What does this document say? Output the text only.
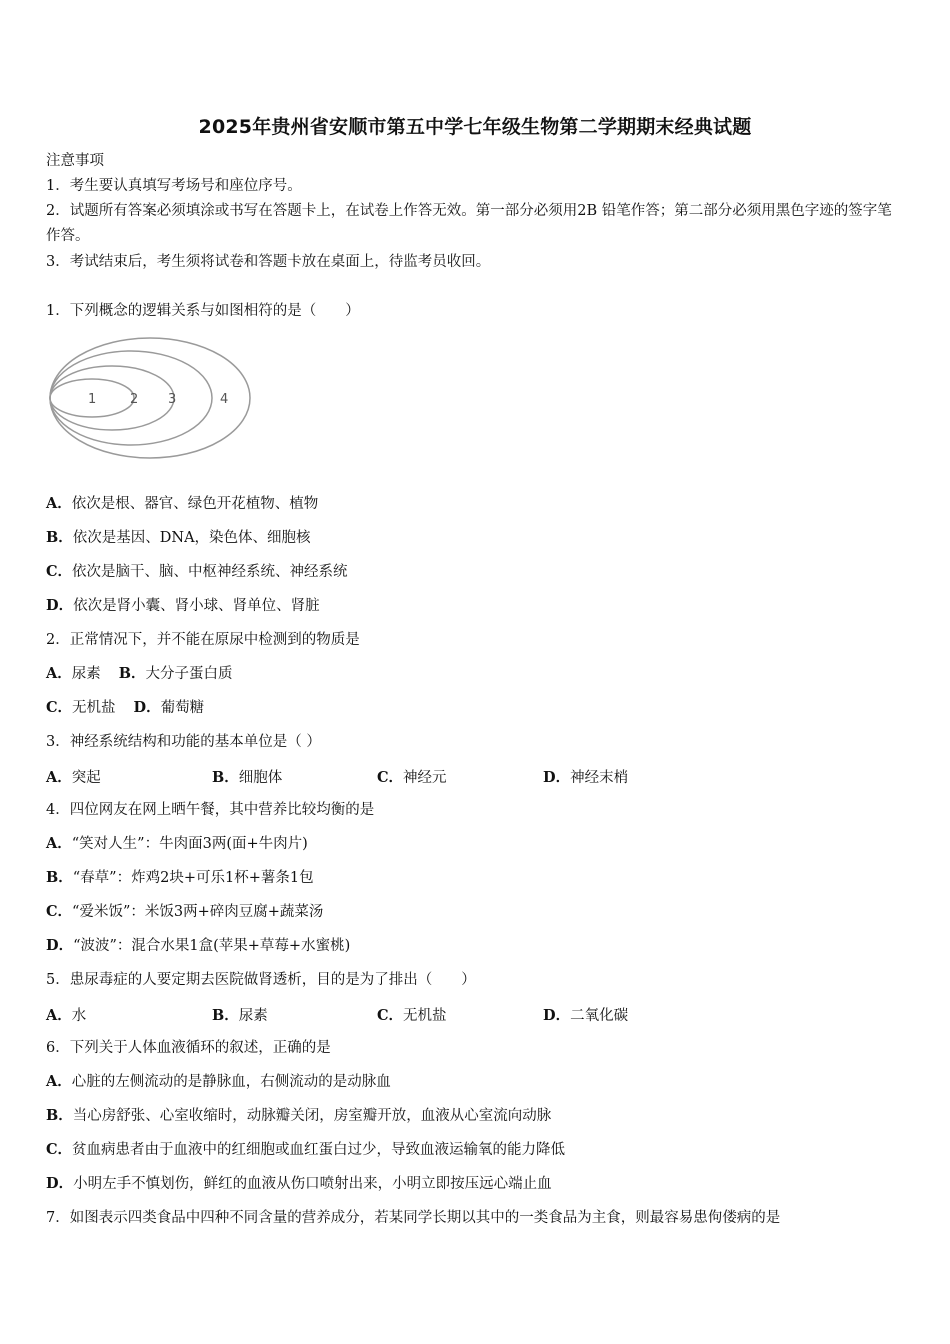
2025年贵州省安顺市第五中学七年级生物第二学期期末经典试题
注意事项
1．考生要认真填写考场号和座位序号。
2．试题所有答案必须填涂或书写在答题卡上，在试卷上作答无效。第一部分必须用2B 铅笔作答；第二部分必须用黑色字迹的签字笔作答。
3．考试结束后，考生须将试卷和答题卡放在桌面上，待监考员收回。
1．下列概念的逻辑关系与如图相符的是（　　）
1	2 3	4
A．依次是根、器官、绿色开花植物、植物
B．依次是基因、DNA，染色体、细胞核
C．依次是脑干、脑、中枢神经系统、神经系统
D．依次是肾小囊、肾小球、肾单位、肾脏
2．正常情况下，并不能在原尿中检测到的物质是
A．尿素 B．大分子蛋白质
C．无机盐 D．葡萄糖
3．神经系统结构和功能的基本单位是（ ）
A．突起	B．细胞体	C．神经元	D．神经末梢
4．四位网友在网上晒午餐，其中营养比较均衡的是
A．“笑对人生”：牛肉面3两(面+牛肉片)
B．“春草”：炸鸡2块+可乐1杯+薯条1包
C．“爱米饭”：米饭3两+碎肉豆腐+蔬菜汤
D．“波波”：混合水果1盒(苹果+草莓+水蜜桃)
5．患尿毒症的人要定期去医院做肾透析，目的是为了排出（　　）
A．水	B．尿素	C．无机盐	D．二氧化碳
6．下列关于人体血液循环的叙述，正确的是
A．心脏的左侧流动的是静脉血，右侧流动的是动脉血
B．当心房舒张、心室收缩时，动脉瓣关闭，房室瓣开放，血液从心室流向动脉
C．贫血病患者由于血液中的红细胞或血红蛋白过少，导致血液运输氧的能力降低
D．小明左手不慎划伤，鲜红的血液从伤口喷射出来，小明立即按压远心端止血
7．如图表示四类食品中四种不同含量的营养成分，若某同学长期以其中的一类食品为主食，则最容易患佝偻病的是
